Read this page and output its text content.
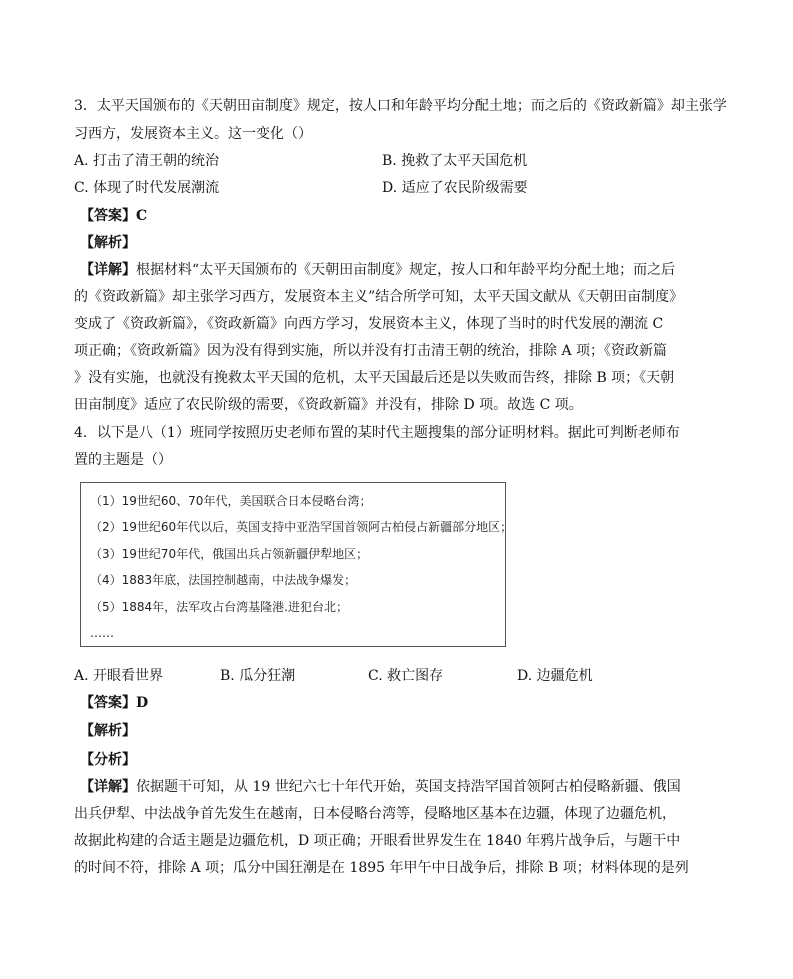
3．太平天国颁布的《天朝田亩制度》规定，按人口和年龄平均分配土地；而之后的《资政新篇》却主张学
习西方，发展资本主义。这一变化（）
A. 打击了清王朝的统治	B. 挽救了太平天国危机
C. 体现了时代发展潮流	D. 适应了农民阶级需要
【答案】C
【解析】
【详解】根据材料“太平天国颁布的《天朝田亩制度》规定，按人口和年龄平均分配土地；而之后
的《资政新篇》却主张学习西方，发展资本主义”结合所学可知，太平天国文献从《天朝田亩制度》
变成了《资政新篇》，《资政新篇》向西方学习，发展资本主义，体现了当时的时代发展的潮流 C
项正确；《资政新篇》因为没有得到实施，所以并没有打击清王朝的统治，排除 A 项；《资政新篇
》没有实施，也就没有挽救太平天国的危机，太平天国最后还是以失败而告终，排除 B 项；《天朝
田亩制度》适应了农民阶级的需要，《资政新篇》并没有，排除 D 项。故选 C 项。
4．以下是八（1）班同学按照历史老师布置的某时代主题搜集的部分证明材料。据此可判断老师布
置的主题是（）
（1）19世纪60、70年代，美国联合日本侵略台湾；
（2）19世纪60年代以后，英国支持中亚浩罕国首领阿古柏侵占新疆部分地区；
（3）19世纪70年代，俄国出兵占领新疆伊犁地区；
（4）1883年底，法国控制越南，中法战争爆发；
（5）1884年，法军攻占台湾基隆港.进犯台北；
……
A. 开眼看世界	B. 瓜分狂潮	C. 救亡图存	D. 边疆危机
【答案】D
【解析】
【分析】
【详解】依据题干可知，从 19 世纪六七十年代开始，英国支持浩罕国首领阿古柏侵略新疆、俄国
出兵伊犁、中法战争首先发生在越南，日本侵略台湾等，侵略地区基本在边疆，体现了边疆危机，
故据此构建的合适主题是边疆危机，D 项正确；开眼看世界发生在 1840 年鸦片战争后，与题干中
的时间不符，排除 A 项；瓜分中国狂潮是在 1895 年甲午中日战争后，排除 B 项；材料体现的是列
